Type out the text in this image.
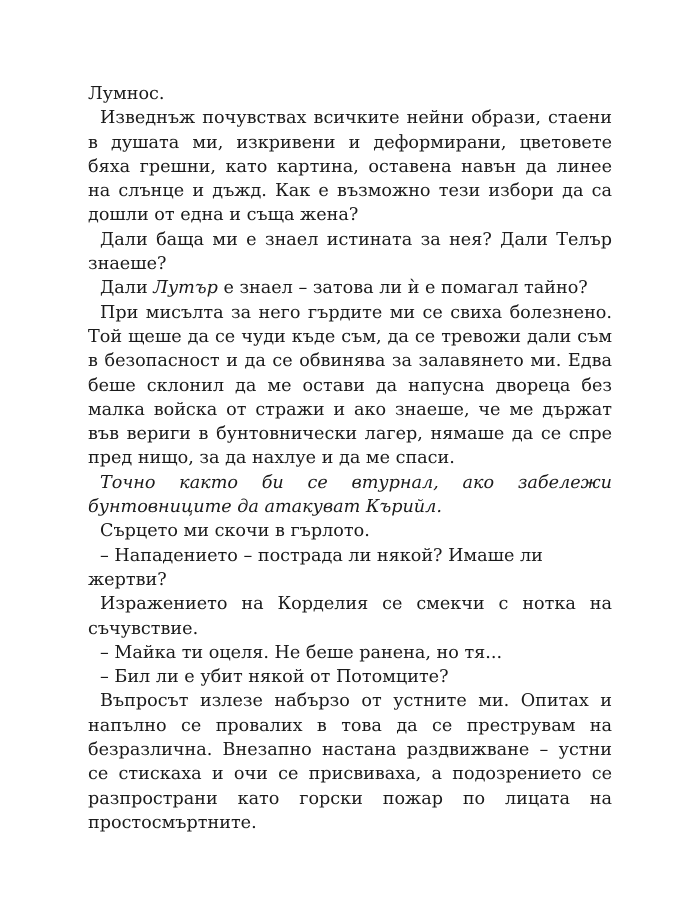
Лумнос.

Изведнъж почувствах всичките нейни образи, стаени в душата ми, изкривени и деформирани, цветовете бяха грешни, като картина, оставена навън да линее на слънце и дъжд. Как е възможно тези избори да са дошли от една и съща жена?

Дали баща ми е знаел истината за нея? Дали Телър знаеше?

Дали Лутър е знаел – затова ли ѝ е помагал тайно?

При мисълта за него гърдите ми се свиха болезнено. Той щеше да се чуди къде съм, да се тревожи дали съм в безопасност и да се обвинява за залавянето ми. Едва беше склонил да ме остави да напусна двореца без малка войска от стражи и ако знаеше, че ме държат във вериги в бунтовнически лагер, нямаше да се спре пред нищо, за да нахлуе и да ме спаси.

Точно както би се втурнал, ако забележи бунтовниците да атакуват Кърийл.

Сърцето ми скочи в гърлото.

– Нападението – пострада ли някой? Имаше ли жертви?

Изражението на Корделия се смекчи с нотка на съчувствие.

– Майка ти оцеля. Не беше ранена, но тя...

– Бил ли е убит някой от Потомците?

Въпросът излезе набързо от устните ми. Опитах и напълно се провалих в това да се преструвам на безразлична. Внезапно настана раздвижване – устни се стискаха и очи се присвиваха, а подозрението се разпространи като горски пожар по лицата на простосмъртните.
